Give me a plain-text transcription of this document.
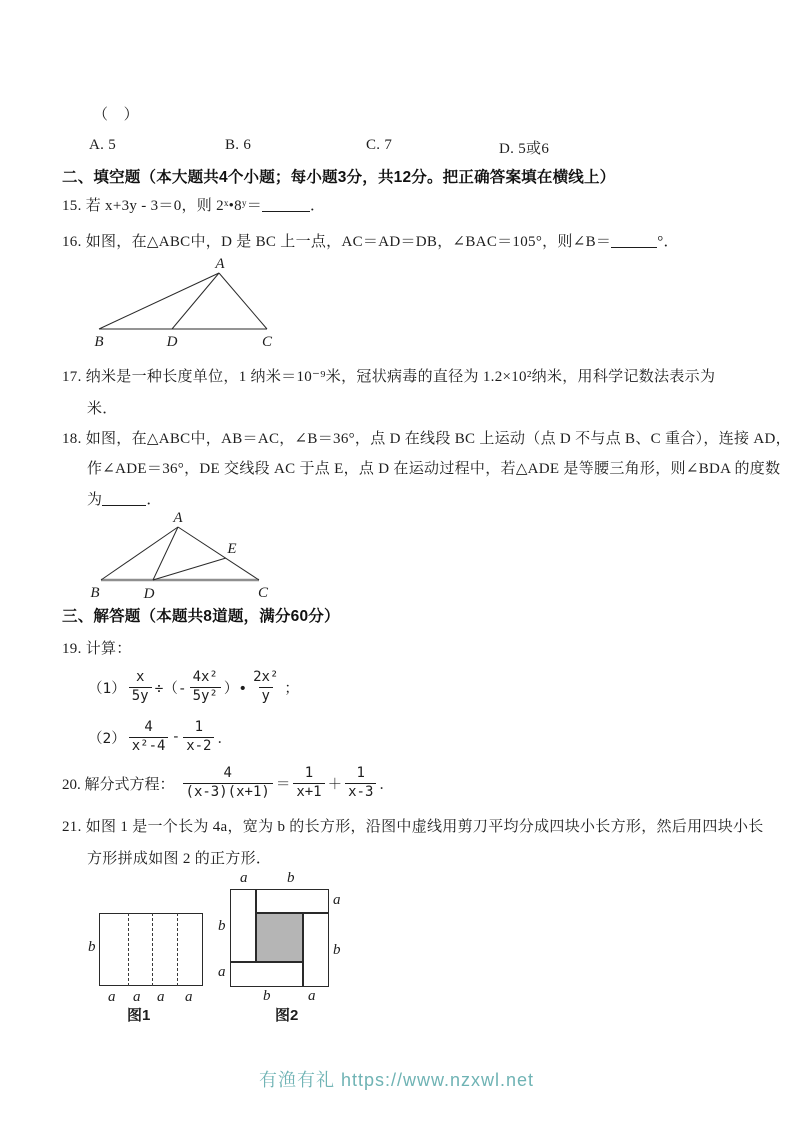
（　）
A. 5	B. 6	C. 7	D. 5或6
二、填空题（本大题共4个小题；每小题3分，共12分。把正确答案填在横线上）
15. 若 x+3y - 3＝0，则 2ˣ•8ʸ＝	．
16. 如图，在△ABC中，D 是 BC 上一点，AC＝AD＝DB，∠BAC＝105°，则∠B＝	°．
A
B	D	C
17. 纳米是一种长度单位，1 纳米＝10⁻⁹米，冠状病毒的直径为 1.2×10²纳米，用科学记数法表示为
米．
18. 如图，在△ABC中，AB＝AC，∠B＝36°，点 D 在线段 BC 上运动（点 D 不与点 B、C 重合），连接 AD，
作∠ADE＝36°，DE 交线段 AC 于点 E，点 D 在运动过程中，若△ADE 是等腰三角形，则∠BDA 的度数
为	．
A
B	D	C
E
三、解答题（本题共8道题，满分60分）
19. 计算：
$(1) \frac{x}{5y}$ ÷（- $\frac{\text{4x²}}{\text{5y²}}$ ）• $\frac{\text{2x²}}{y}$ ；
$(2) \frac{4}{\text{x²-4}} - \frac{1}{x-2}$ ．
20. 解分式方程： $\frac{4}{(x-3)(x+1)} = \frac{1}{x+1} + \frac{1}{x-3}$ ．
21. 如图 1 是一个长为 4a，宽为 b 的长方形，沿图中虚线用剪刀平均分成四块小长方形，然后用四块小长
方形拼成如图 2 的正方形．
b
a a a a
图1
a	b
a
b
b
a
b	a
图2
有渔有礼 https://www.nzxwl.net
